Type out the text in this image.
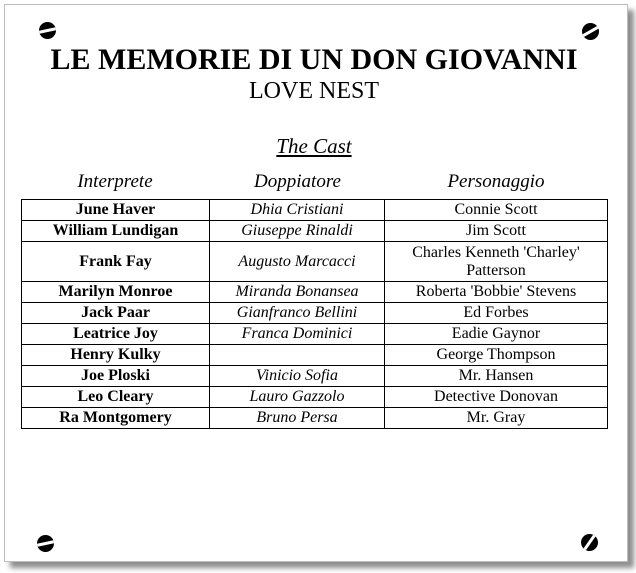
LE MEMORIE DI UN DON GIOVANNI
LOVE NEST
The Cast
Interprete	Doppiatore	Personaggio
June Haver	Dhia Cristiani	Connie Scott
William Lundigan	Giuseppe Rinaldi	Jim Scott
Frank Fay	Augusto Marcacci	Charles Kenneth 'Charley' Patterson
Marilyn Monroe	Miranda Bonansea	Roberta 'Bobbie' Stevens
Jack Paar	Gianfranco Bellini	Ed Forbes
Leatrice Joy	Franca Dominici	Eadie Gaynor
Henry Kulky		George Thompson
Joe Ploski	Vinicio Sofia	Mr. Hansen
Leo Cleary	Lauro Gazzolo	Detective Donovan
Ra Montgomery	Bruno Persa	Mr. Gray
